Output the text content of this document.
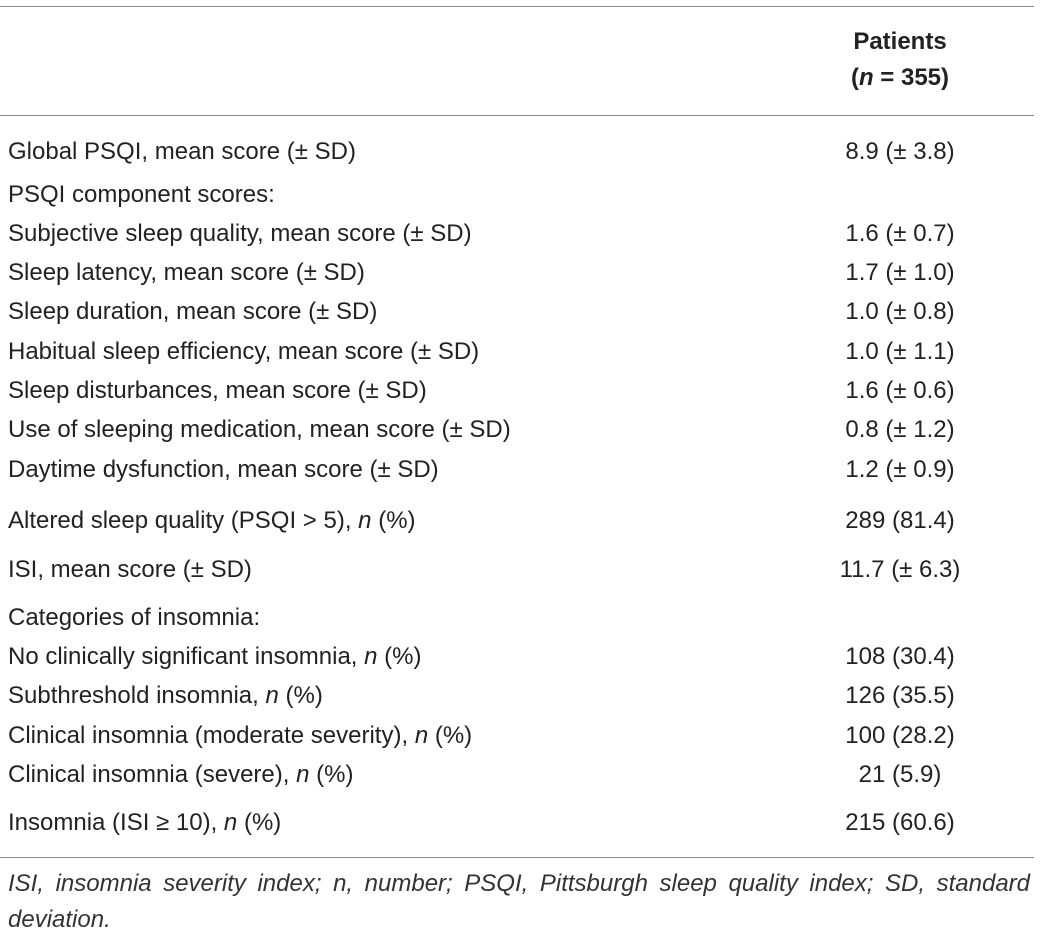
Patients
(n = 355)
Global PSQI, mean score (± SD)	8.9 (± 3.8)
PSQI component scores:
Subjective sleep quality, mean score (± SD)	1.6 (± 0.7)
Sleep latency, mean score (± SD)	1.7 (± 1.0)
Sleep duration, mean score (± SD)	1.0 (± 0.8)
Habitual sleep efficiency, mean score (± SD)	1.0 (± 1.1)
Sleep disturbances, mean score (± SD)	1.6 (± 0.6)
Use of sleeping medication, mean score (± SD)	0.8 (± 1.2)
Daytime dysfunction, mean score (± SD)	1.2 (± 0.9)
Altered sleep quality (PSQI > 5), n (%)	289 (81.4)
ISI, mean score (± SD)	11.7 (± 6.3)
Categories of insomnia:
No clinically significant insomnia, n (%)	108 (30.4)
Subthreshold insomnia, n (%)	126 (35.5)
Clinical insomnia (moderate severity), n (%)	100 (28.2)
Clinical insomnia (severe), n (%)	21 (5.9)
Insomnia (ISI ≥ 10), n (%)	215 (60.6)
ISI, insomnia severity index; n, number; PSQI, Pittsburgh sleep quality index; SD, standard deviation.
